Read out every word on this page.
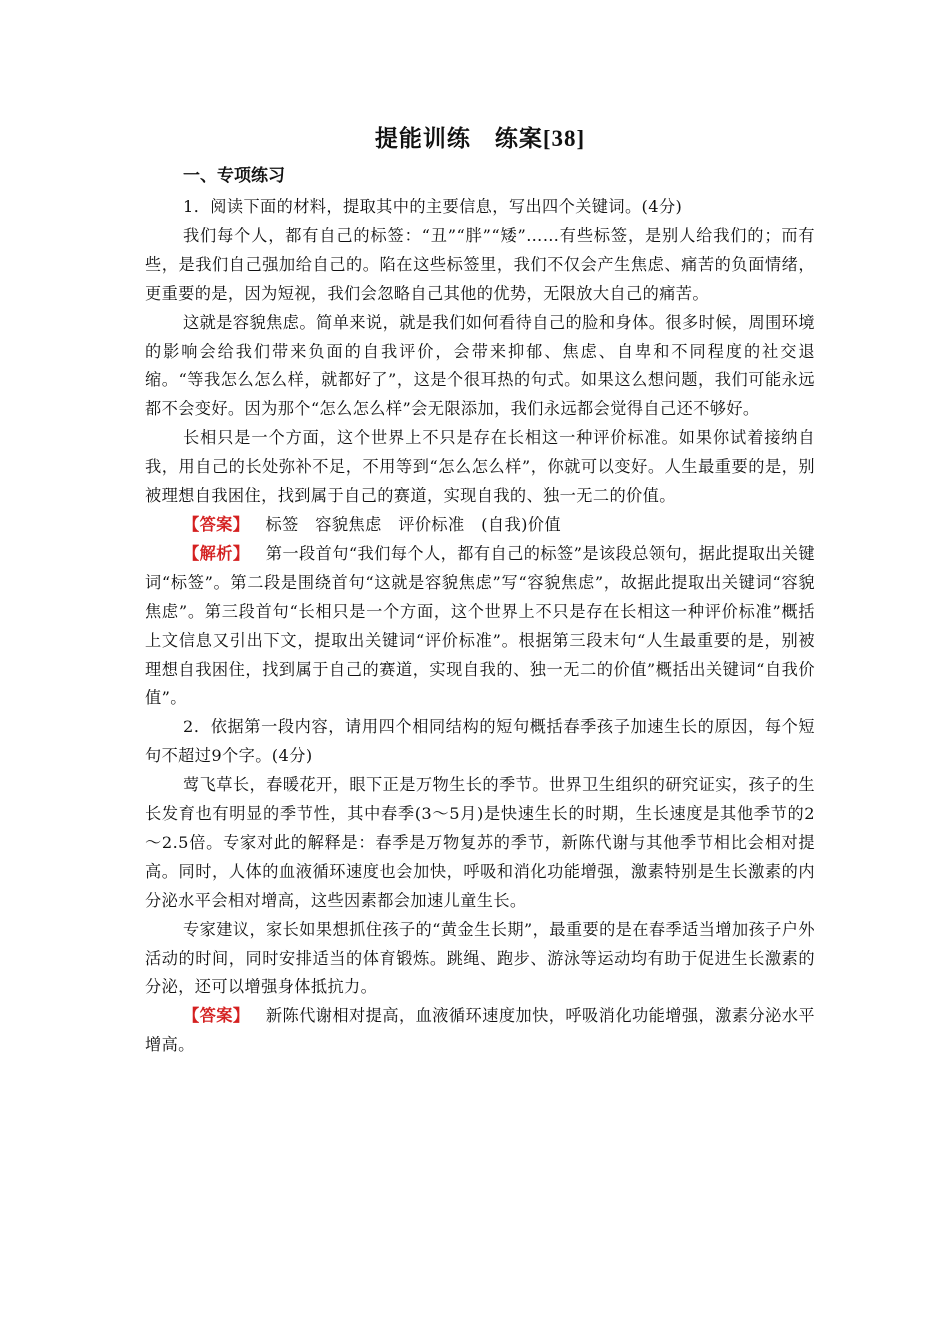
提能训练　练案[38]
一、专项练习

1．阅读下面的材料，提取其中的主要信息，写出四个关键词。(4分)

我们每个人，都有自己的标签：“丑”“胖”“矮”……有些标签，是别人给我们的；而有些，是我们自己强加给自己的。陷在这些标签里，我们不仅会产生焦虑、痛苦的负面情绪，更重要的是，因为短视，我们会忽略自己其他的优势，无限放大自己的痛苦。

这就是容貌焦虑。简单来说，就是我们如何看待自己的脸和身体。很多时候，周围环境的影响会给我们带来负面的自我评价，会带来抑郁、焦虑、自卑和不同程度的社交退缩。“等我怎么怎么样，就都好了”，这是个很耳热的句式。如果这么想问题，我们可能永远都不会变好。因为那个“怎么怎么样”会无限添加，我们永远都会觉得自己还不够好。

长相只是一个方面，这个世界上不只是存在长相这一种评价标准。如果你试着接纳自我，用自己的长处弥补不足，不用等到“怎么怎么样”，你就可以变好。人生最重要的是，别被理想自我困住，找到属于自己的赛道，实现自我的、独一无二的价值。

【答案】 标签　容貌焦虑　评价标准　(自我)价值

【解析】 第一段首句“我们每个人，都有自己的标签”是该段总领句，据此提取出关键词“标签”。第二段是围绕首句“这就是容貌焦虑”写“容貌焦虑”，故据此提取出关键词“容貌焦虑”。第三段首句“长相只是一个方面，这个世界上不只是存在长相这一种评价标准”概括上文信息又引出下文，提取出关键词“评价标准”。根据第三段末句“人生最重要的是，别被理想自我困住，找到属于自己的赛道，实现自我的、独一无二的价值”概括出关键词“自我价值”。

2．依据第一段内容，请用四个相同结构的短句概括春季孩子加速生长的原因，每个短句不超过9个字。(4分)

莺飞草长，春暖花开，眼下正是万物生长的季节。世界卫生组织的研究证实，孩子的生长发育也有明显的季节性，其中春季(3～5月)是快速生长的时期，生长速度是其他季节的2～2.5倍。专家对此的解释是：春季是万物复苏的季节，新陈代谢与其他季节相比会相对提高。同时，人体的血液循环速度也会加快，呼吸和消化功能增强，激素特别是生长激素的内分泌水平会相对增高，这些因素都会加速儿童生长。

专家建议，家长如果想抓住孩子的“黄金生长期”，最重要的是在春季适当增加孩子户外活动的时间，同时安排适当的体育锻炼。跳绳、跑步、游泳等运动均有助于促进生长激素的分泌，还可以增强身体抵抗力。

【答案】 新陈代谢相对提高，血液循环速度加快，呼吸消化功能增强，激素分泌水平增高。
